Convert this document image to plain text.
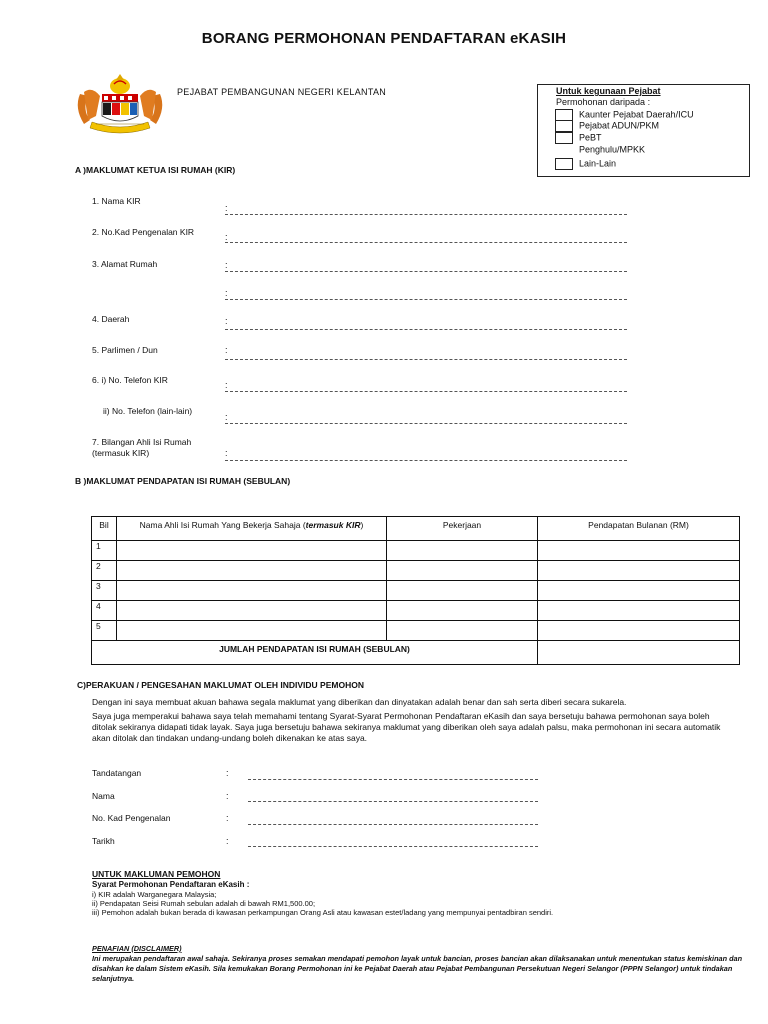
BORANG PERMOHONAN PENDAFTARAN eKASIH
PEJABAT PEMBANGUNAN NEGERI KELANTAN	Untuk kegunaan Pejabat
Permohonan daripada :
Kaunter Pejabat Daerah/ICU
Pejabat ADUN/PKM
PeBT
Penghulu/MPKK
Lain-Lain
A )MAKLUMAT KETUA ISI RUMAH (KIR)
1. Nama KIR
:
2. No.Kad Pengenalan KIR	:
3. Alamat Rumah	:
:
4. Daerah	:
5. Parlimen / Dun	:
6. i) No. Telefon KIR	:
ii) No. Telefon (lain-lain)
:
7. Bilangan Ahli Isi Rumah
(termasuk KIR)	:
B )MAKLUMAT PENDAPATAN ISI RUMAH (SEBULAN)
Bil	Nama Ahli Isi Rumah Yang Bekerja Sahaja (termasuk KIR)	Pekerjaan	Pendapatan Bulanan (RM)
1			
2			
3			
4			
5			
JUMLAH PENDAPATAN ISI RUMAH (SEBULAN)			
C)PERAKUAN / PENGESAHAN MAKLUMAT OLEH INDIVIDU PEMOHON

Dengan ini saya membuat akuan bahawa segala maklumat yang diberikan dan dinyatakan adalah benar dan sah serta diberi secara sukarela.

Saya juga memperakui bahawa saya telah memahami tentang Syarat-Syarat Permohonan Pendaftaran eKasih dan saya bersetuju bahawa permohonan saya boleh ditolak sekiranya didapati tidak layak. Saya juga bersetuju bahawa sekiranya maklumat yang diberikan oleh saya adalah palsu, maka permohonan ini secara automatik akan ditolak dan tindakan undang-undang boleh dikenakan ke atas saya.

Tandatangan	:
Nama	:
No. Kad Pengenalan	:
Tarikh	:
UNTUK MAKLUMAN PEMOHON
Syarat Permohonan Pendaftaran eKasih :
i) KIR adalah Warganegara Malaysia;
ii) Pendapatan Seisi Rumah sebulan adalah di bawah RM1,500.00;
iii) Pemohon adalah bukan berada di kawasan perkampungan Orang Asli atau kawasan estet/ladang yang mempunyai pentadbiran sendiri.
PENAFIAN (DISCLAIMER)
Ini merupakan pendaftaran awal sahaja. Sekiranya proses semakan mendapati pemohon layak untuk bancian, proses bancian akan dilaksanakan untuk menentukan status kemiskinan dan disahkan ke dalam Sistem eKasih. Sila kemukakan Borang Permohonan ini ke Pejabat Daerah atau Pejabat Pembangunan Persekutuan Negeri Selangor (PPPN Selangor) untuk tindakan selanjutnya.
